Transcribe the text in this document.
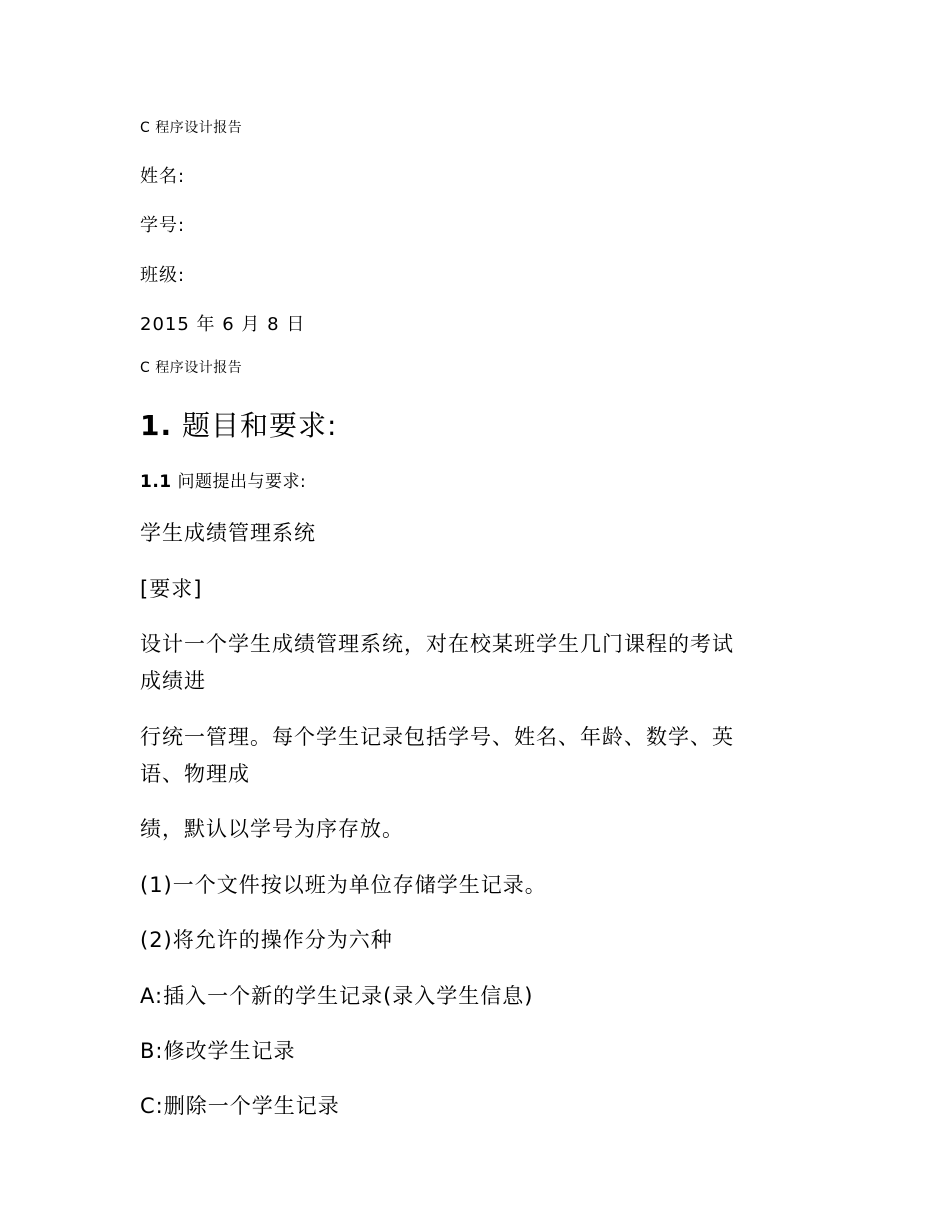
C 程序设计报告
姓名:
学号:
班级:
2015 年 6 月 8 日
C 程序设计报告
1. 题目和要求:
1.1 问题提出与要求:
学生成绩管理系统
[要求]
设计一个学生成绩管理系统，对在校某班学生几门课程的考试
成绩进
行统一管理。每个学生记录包括学号、姓名、年龄、数学、英
语、物理成
绩，默认以学号为序存放。
(1)一个文件按以班为单位存储学生记录。
(2)将允许的操作分为六种
A:插入一个新的学生记录(录入学生信息)
B:修改学生记录
C:删除一个学生记录
